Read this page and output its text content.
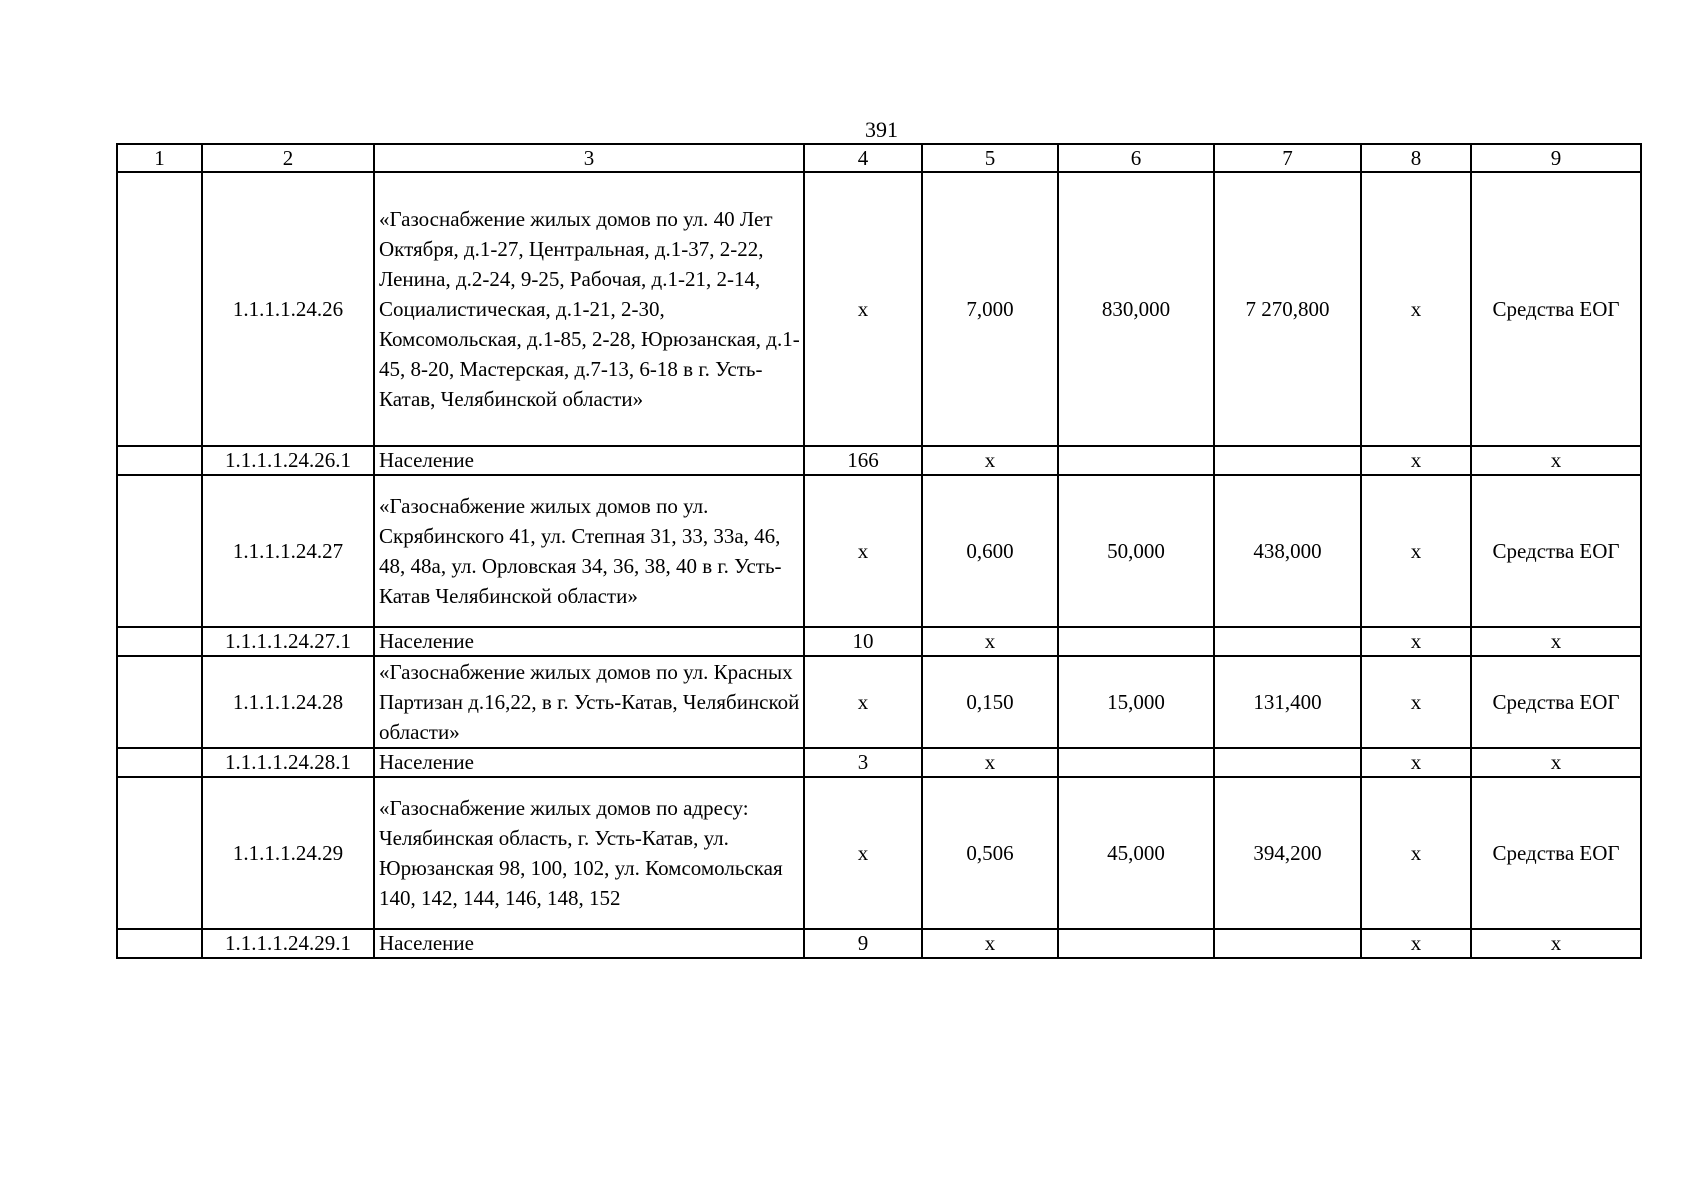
391
1	2	3	4	5	6	7	8	9
	1.1.1.1.24.26	«Газоснабжение жилых домов по ул. 40 Лет Октября, д.1-27, Центральная, д.1-37, 2-22, Ленина, д.2-24, 9-25, Рабочая, д.1-21, 2-14, Социалистическая, д.1-21, 2-30, Комсомольская, д.1-85, 2-28, Юрюзанская, д.1-45, 8-20, Мастерская, д.7-13, 6-18 в г. Усть-Катав, Челябинской области»	х	7,000	830,000	7 270,800	х	Средства ЕОГ
	1.1.1.1.24.26.1	Население	166	х			х	х
	1.1.1.1.24.27	«Газоснабжение жилых домов по ул. Скрябинского 41, ул. Степная 31, 33, 33а, 46, 48, 48а, ул. Орловская 34, 36, 38, 40 в г. Усть-Катав Челябинской области»	х	0,600	50,000	438,000	х	Средства ЕОГ
	1.1.1.1.24.27.1	Население	10	х			х	х
	1.1.1.1.24.28	«Газоснабжение жилых домов по ул. Красных Партизан д.16,22, в г. Усть-Катав, Челябинской области»	х	0,150	15,000	131,400	х	Средства ЕОГ
	1.1.1.1.24.28.1	Население	3	х			х	х
	1.1.1.1.24.29	«Газоснабжение жилых домов по адресу: Челябинская область, г. Усть-Катав, ул. Юрюзанская 98, 100, 102, ул. Комсомольская 140, 142, 144, 146, 148, 152	х	0,506	45,000	394,200	х	Средства ЕОГ
	1.1.1.1.24.29.1	Население	9	х			х	х
